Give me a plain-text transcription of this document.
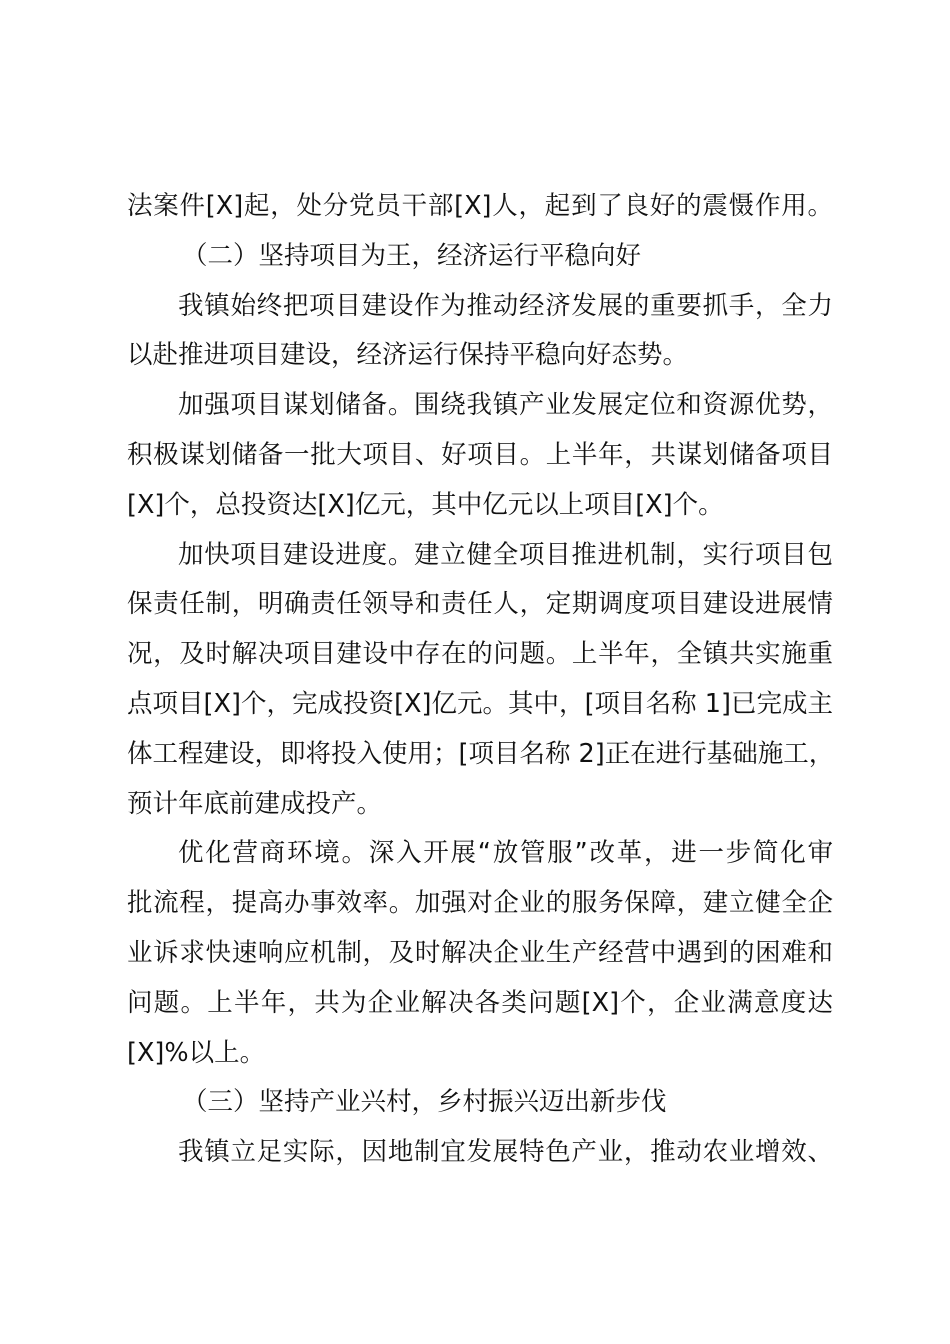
法案件[X]起，处分党员干部[X]人，起到了良好的震慑作用。
（二）坚持项目为王，经济运行平稳向好
我镇始终把项目建设作为推动经济发展的重要抓手，全力
以赴推进项目建设，经济运行保持平稳向好态势。
加强项目谋划储备。围绕我镇产业发展定位和资源优势，
积极谋划储备一批大项目、好项目。上半年，共谋划储备项目
[X]个，总投资达[X]亿元，其中亿元以上项目[X]个。
加快项目建设进度。建立健全项目推进机制，实行项目包
保责任制，明确责任领导和责任人，定期调度项目建设进展情
况，及时解决项目建设中存在的问题。上半年，全镇共实施重
点项目[X]个，完成投资[X]亿元。其中，[项目名称 1]已完成主
体工程建设，即将投入使用；[项目名称 2]正在进行基础施工，
预计年底前建成投产。
优化营商环境。深入开展“放管服”改革，进一步简化审
批流程，提高办事效率。加强对企业的服务保障，建立健全企
业诉求快速响应机制，及时解决企业生产经营中遇到的困难和
问题。上半年，共为企业解决各类问题[X]个，企业满意度达
[X]%以上。
（三）坚持产业兴村，乡村振兴迈出新步伐
我镇立足实际，因地制宜发展特色产业，推动农业增效、
